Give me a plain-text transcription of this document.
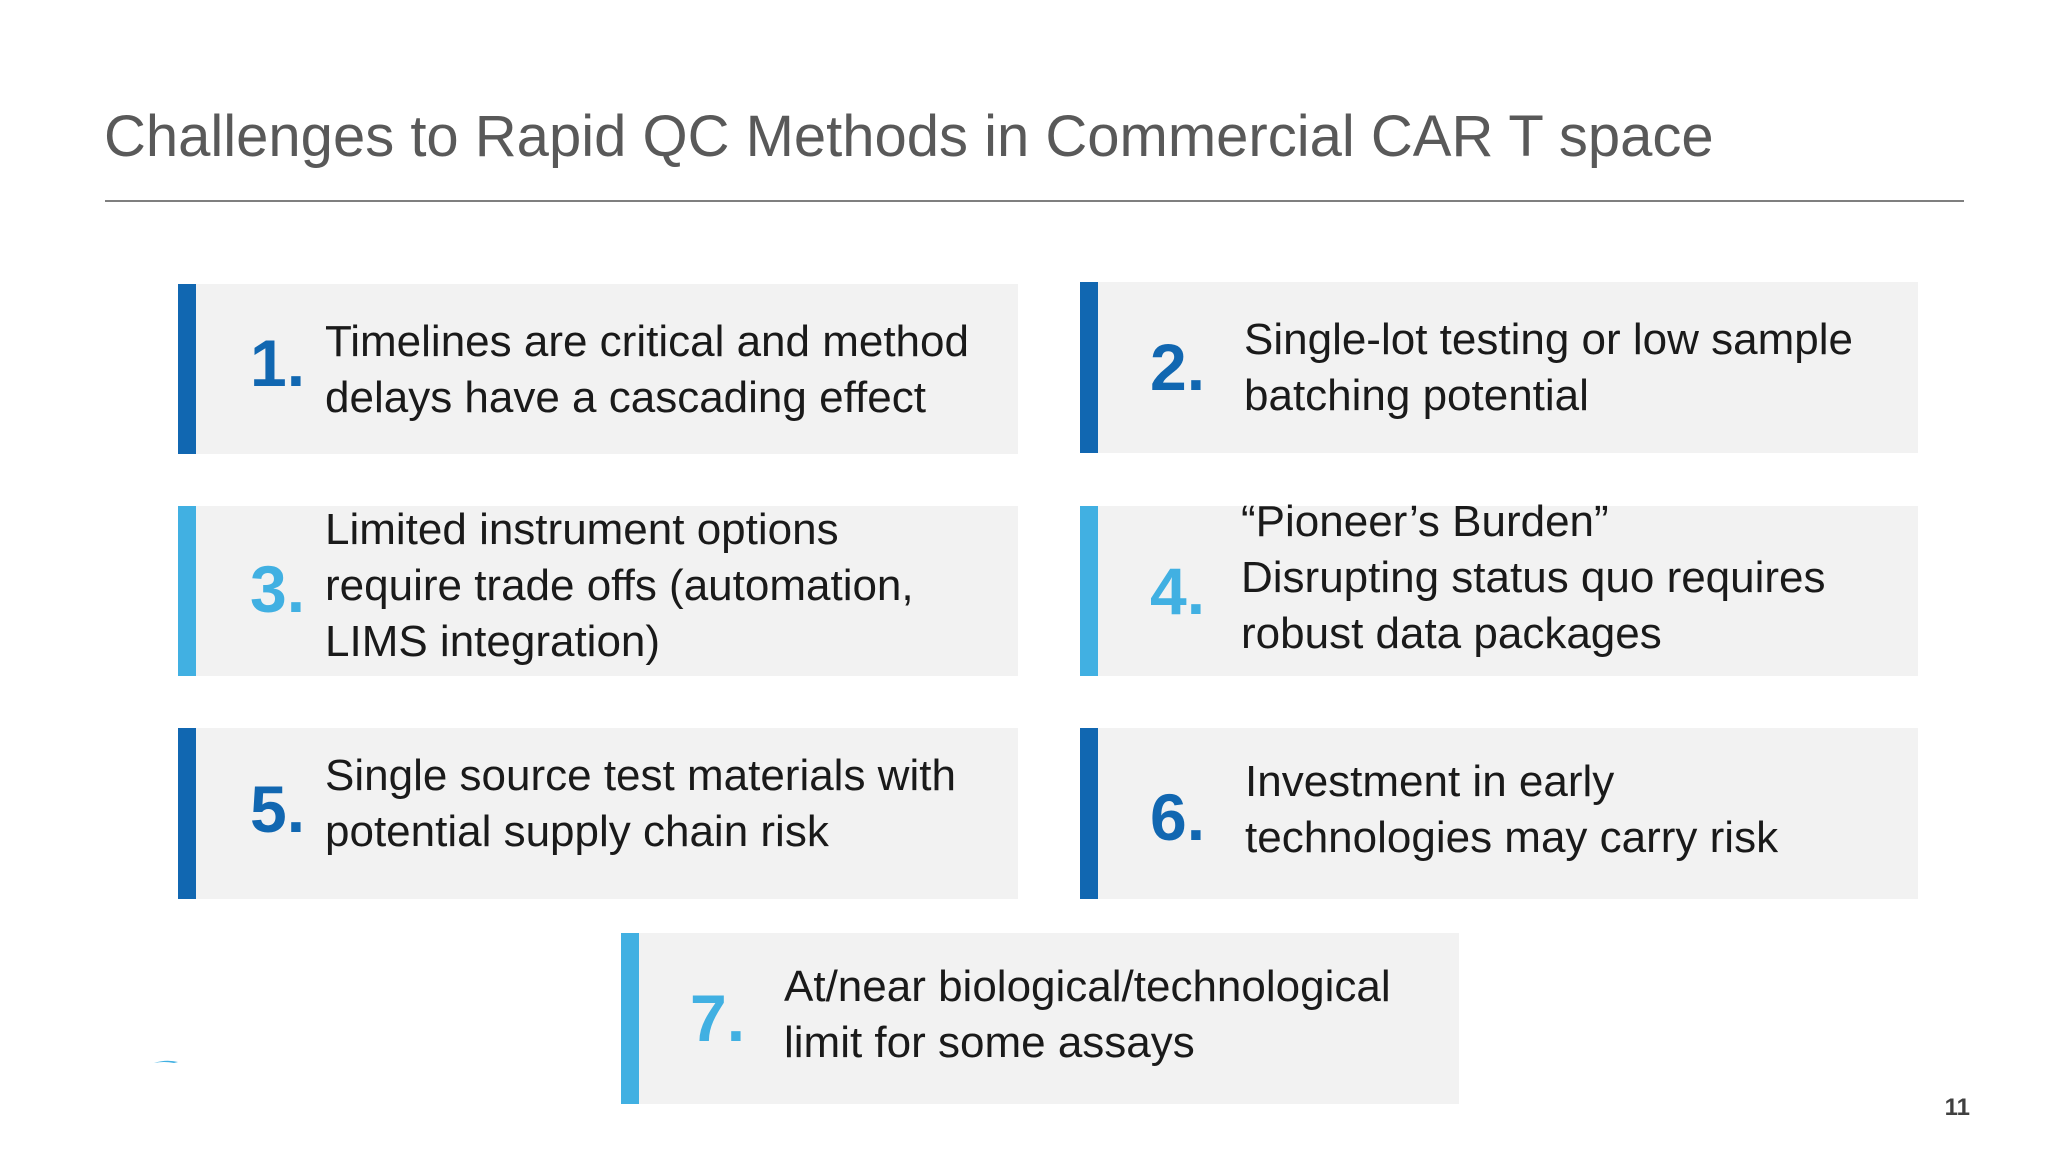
Challenges to Rapid QC Methods in Commercial CAR T space
1. Timelines are critical and method
delays have a cascading effect	2. Single-lot testing or low sample
batching potential
3.
Limited instrument options
require trade offs (automation,
LIMS integration)
4.
“Pioneer’s Burden”
Disrupting status quo requires
robust data packages
5. Single source test materials with
potential supply chain risk	6. Investment in early
technologies may carry risk
7. At/near biological/technological
limit for some assays
11
